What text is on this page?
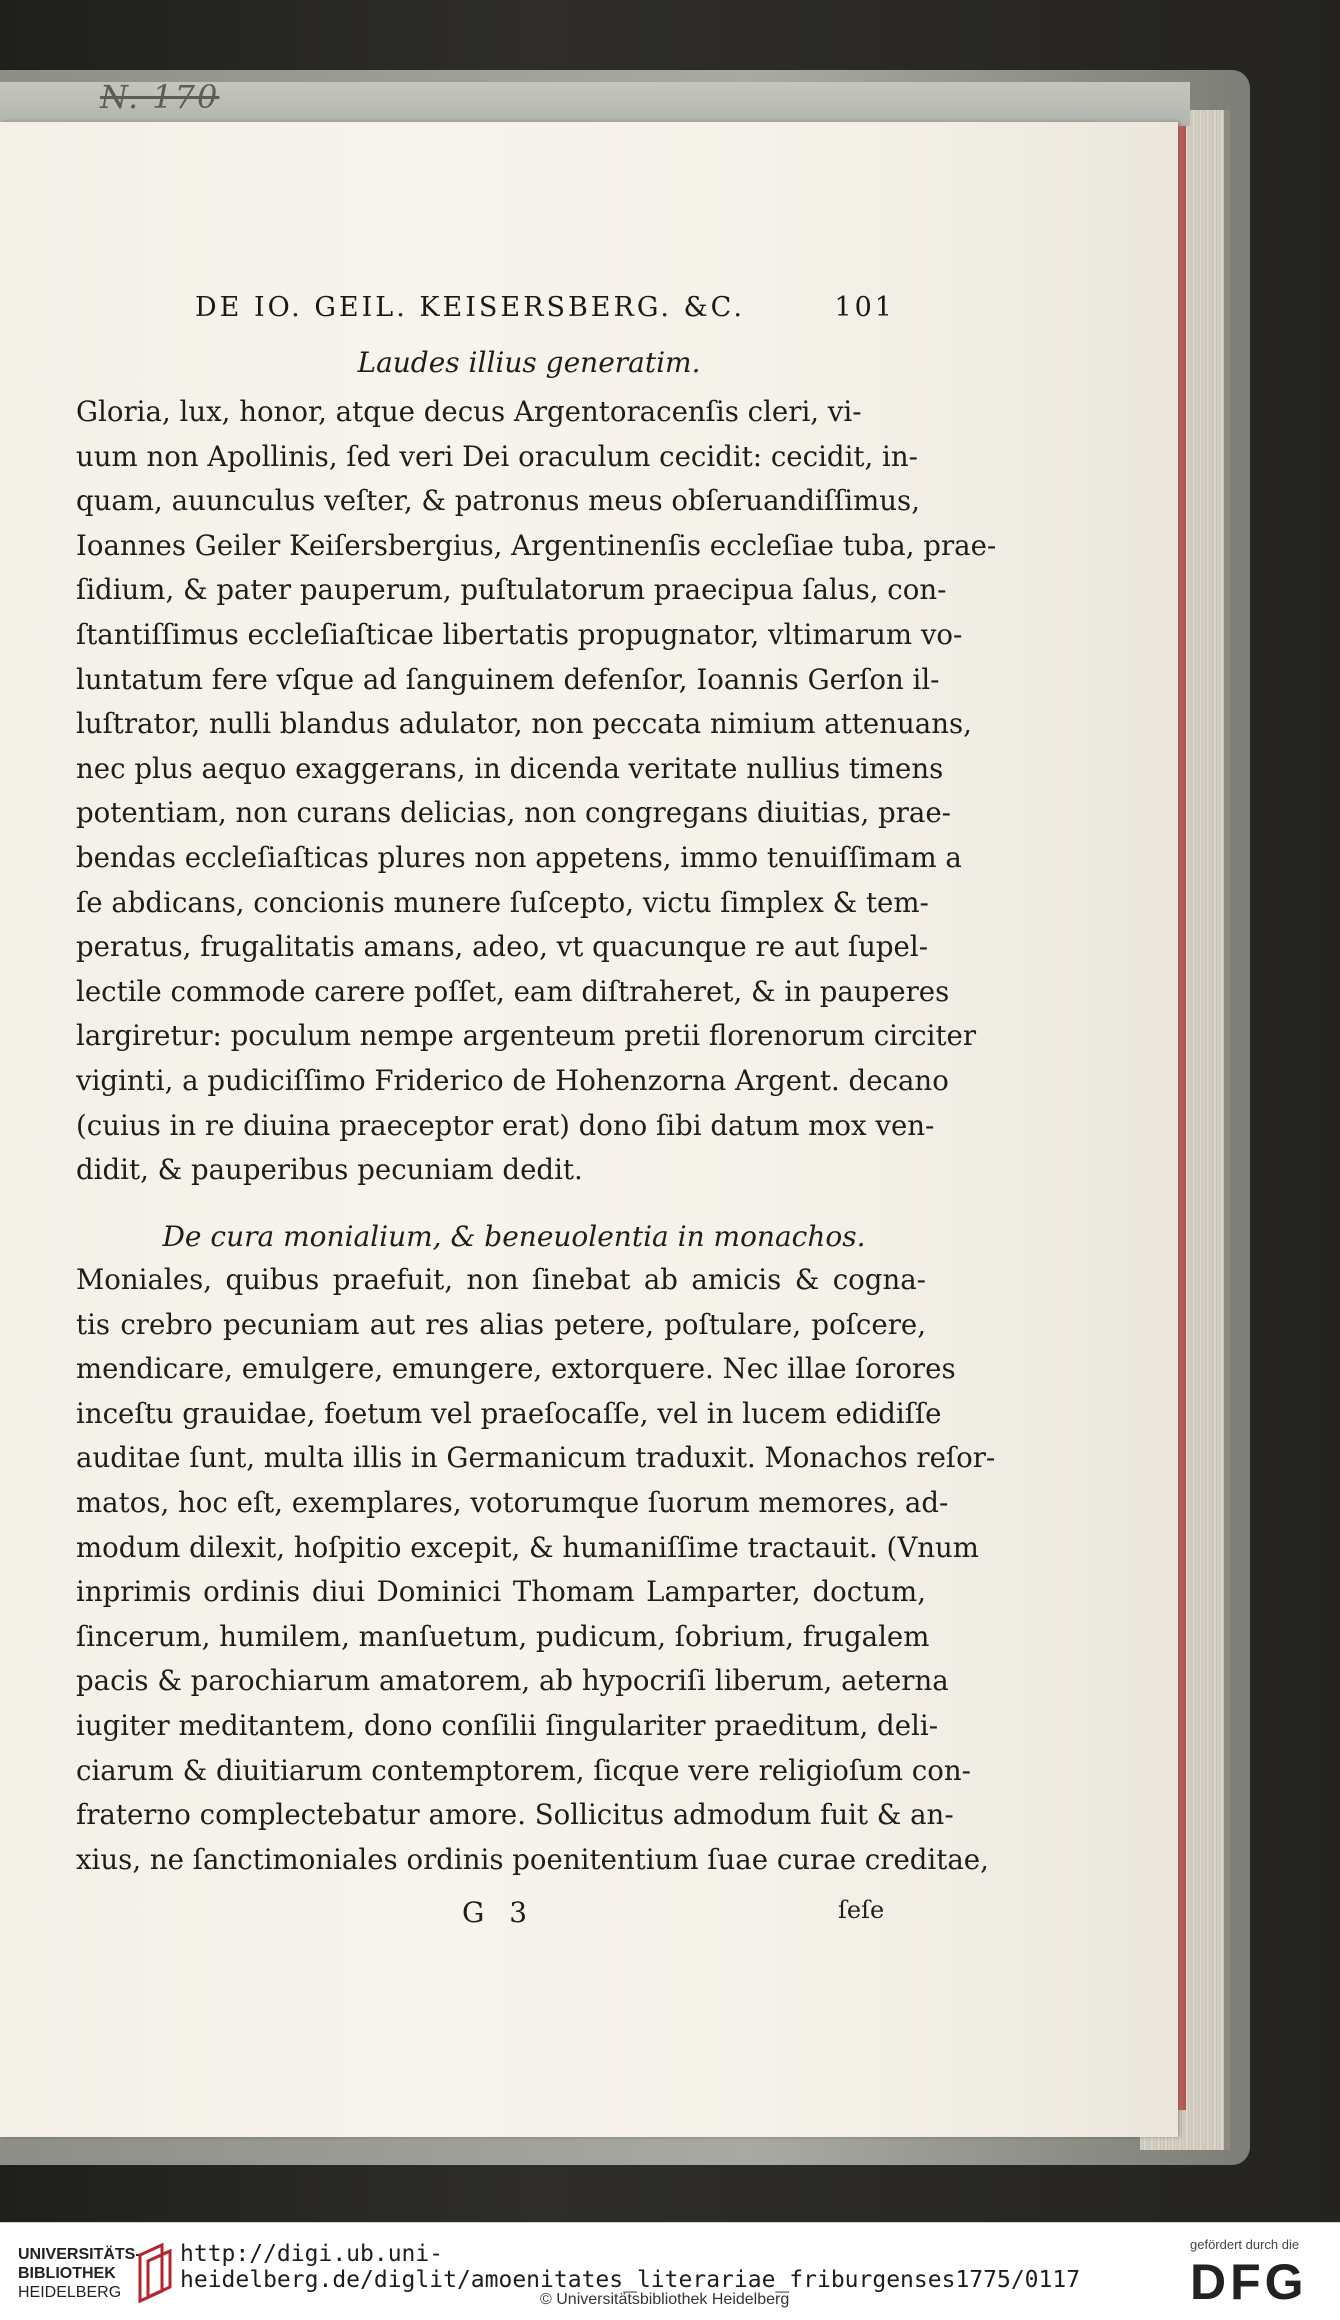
N. 170
DE IO. GEIL. KEISERSBERG. &C.	101
Laudes illius generatim.
Gloria, lux, honor, atque decus Argentoracenſis cleri, vi-
uum non Apollinis, ſed veri Dei oraculum cecidit: cecidit, in-
quam, auunculus veſter, & patronus meus obſeruandiſſimus,
Ioannes Geiler Keiſersbergius, Argentinenſis eccleſiae tuba, prae-
ſidium, & pater pauperum, puſtulatorum praecipua ſalus, con-
ſtantiſſimus eccleſiaſticae libertatis propugnator, vltimarum vo-
luntatum fere vſque ad ſanguinem defenſor, Ioannis Gerſon il-
luſtrator, nulli blandus adulator, non peccata nimium attenuans,
nec plus aequo exaggerans, in dicenda veritate nullius timens
potentiam, non curans delicias, non congregans diuitias, prae-
bendas eccleſiaſticas plures non appetens, immo tenuiſſimam a
ſe abdicans, concionis munere ſuſcepto, victu ſimplex & tem-
peratus, frugalitatis amans, adeo, vt quacunque re aut ſupel-
lectile commode carere poſſet, eam diſtraheret, & in pauperes
largiretur: poculum nempe argenteum pretii florenorum circiter
viginti, a pudiciſſimo Friderico de Hohenzorna Argent. decano
(cuius in re diuina praeceptor erat) dono ſibi datum mox ven-
didit, & pauperibus pecuniam dedit.
De cura monialium, & beneuolentia in monachos.
Moniales, quibus praefuit, non ſinebat ab amicis & cogna-
tis crebro pecuniam aut res alias petere, poſtulare, poſcere,
mendicare, emulgere, emungere, extorquere. Nec illae ſorores
inceſtu grauidae, foetum vel praeſocaſſe, vel in lucem edidiſſe
auditae ſunt, multa illis in Germanicum traduxit. Monachos reſor-
matos, hoc eſt, exemplares, votorumque ſuorum memores, ad-
modum dilexit, hoſpitio excepit, & humaniſſime tractauit. (Vnum
inprimis ordinis diui Dominici Thomam Lamparter, doctum,
ſincerum, humilem, manſuetum, pudicum, ſobrium, frugalem
pacis & parochiarum amatorem, ab hypocriſi liberum, aeterna
iugiter meditantem, dono conſilii ſingulariter praeditum, deli-
ciarum & diuitiarum contemptorem, ſicque vere religioſum con-
fraterno complectebatur amore. Sollicitus admodum fuit & an-
xius, ne ſanctimoniales ordinis poenitentium ſuae curae creditae,
G 3	ſeſe
UNIVERSITÄTS-
BIBLIOTHEK
HEIDELBERG
http://digi.ub.uni-heidelberg.de/diglit/amoenitates_literariae_friburgenses1775/0117
© Universitätsbibliothek Heidelberg
gefördert durch die
DFG
